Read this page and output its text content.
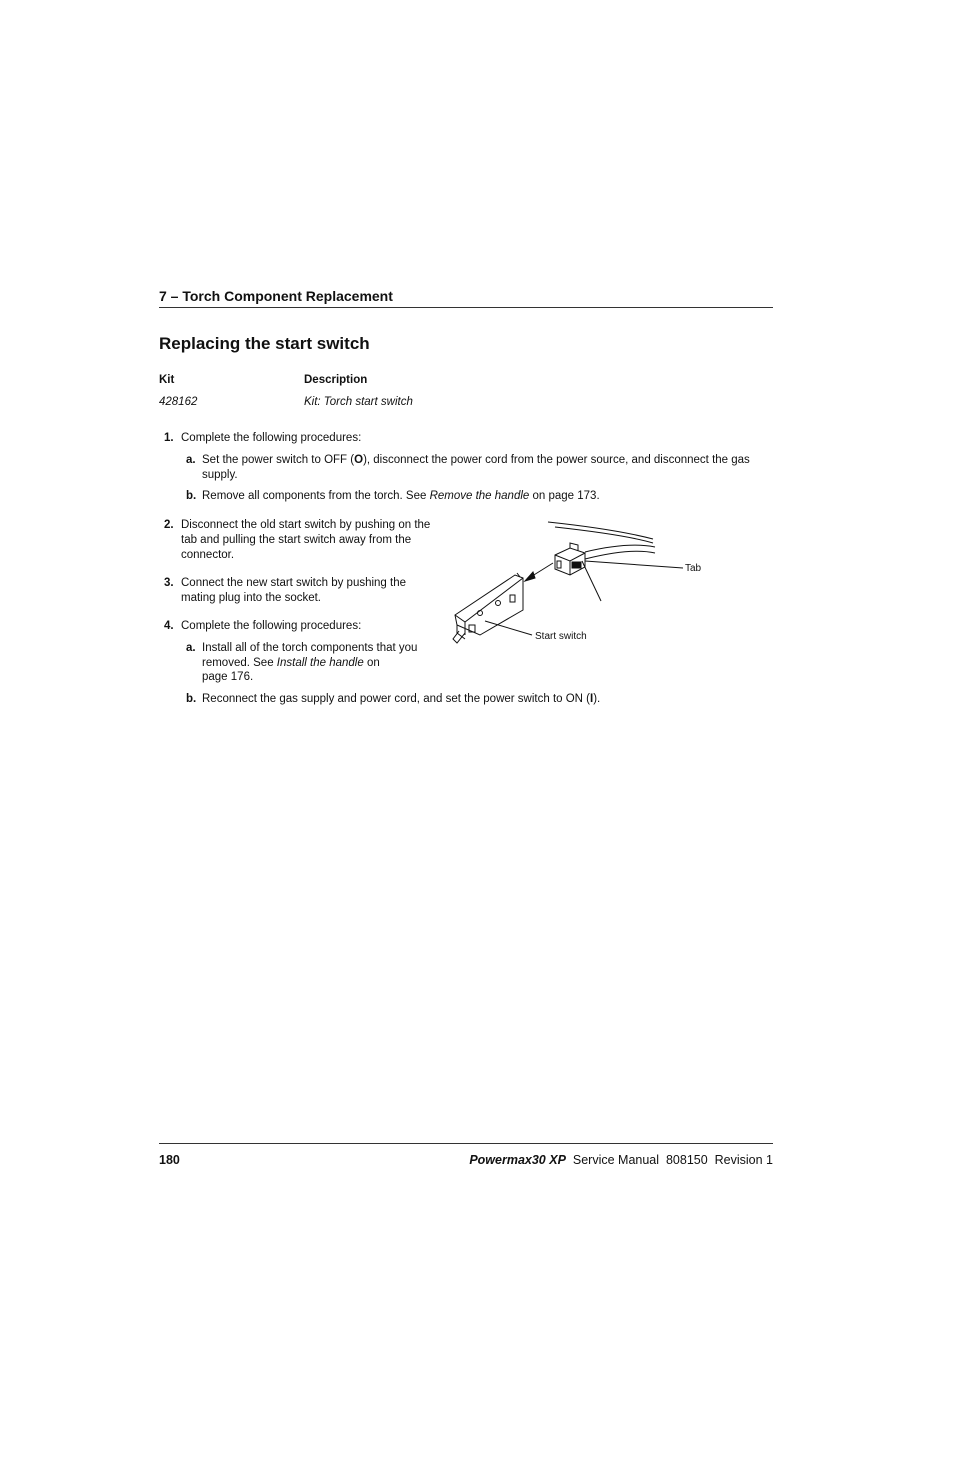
7 – Torch Component Replacement
Replacing the start switch
Kit	Description
428162	Kit: Torch start switch
1. Complete the following procedures:
a. Set the power switch to OFF (O), disconnect the power cord from the power source, and disconnect the gas
supply.
b. Remove all components from the torch. See Remove the handle on page 173.
2. Disconnect the old start switch by pushing on the
tab and pulling the start switch away from the
connector.
3. Connect the new start switch by pushing the
mating plug into the socket.
4. Complete the following procedures:
a. Install all of the torch components that you
removed. See Install the handle on
page 176.
b. Reconnect the gas supply and power cord, and set the power switch to ON (I).
Tab
Start switch
180	Powermax30 XP Service Manual  808150  Revision 1
